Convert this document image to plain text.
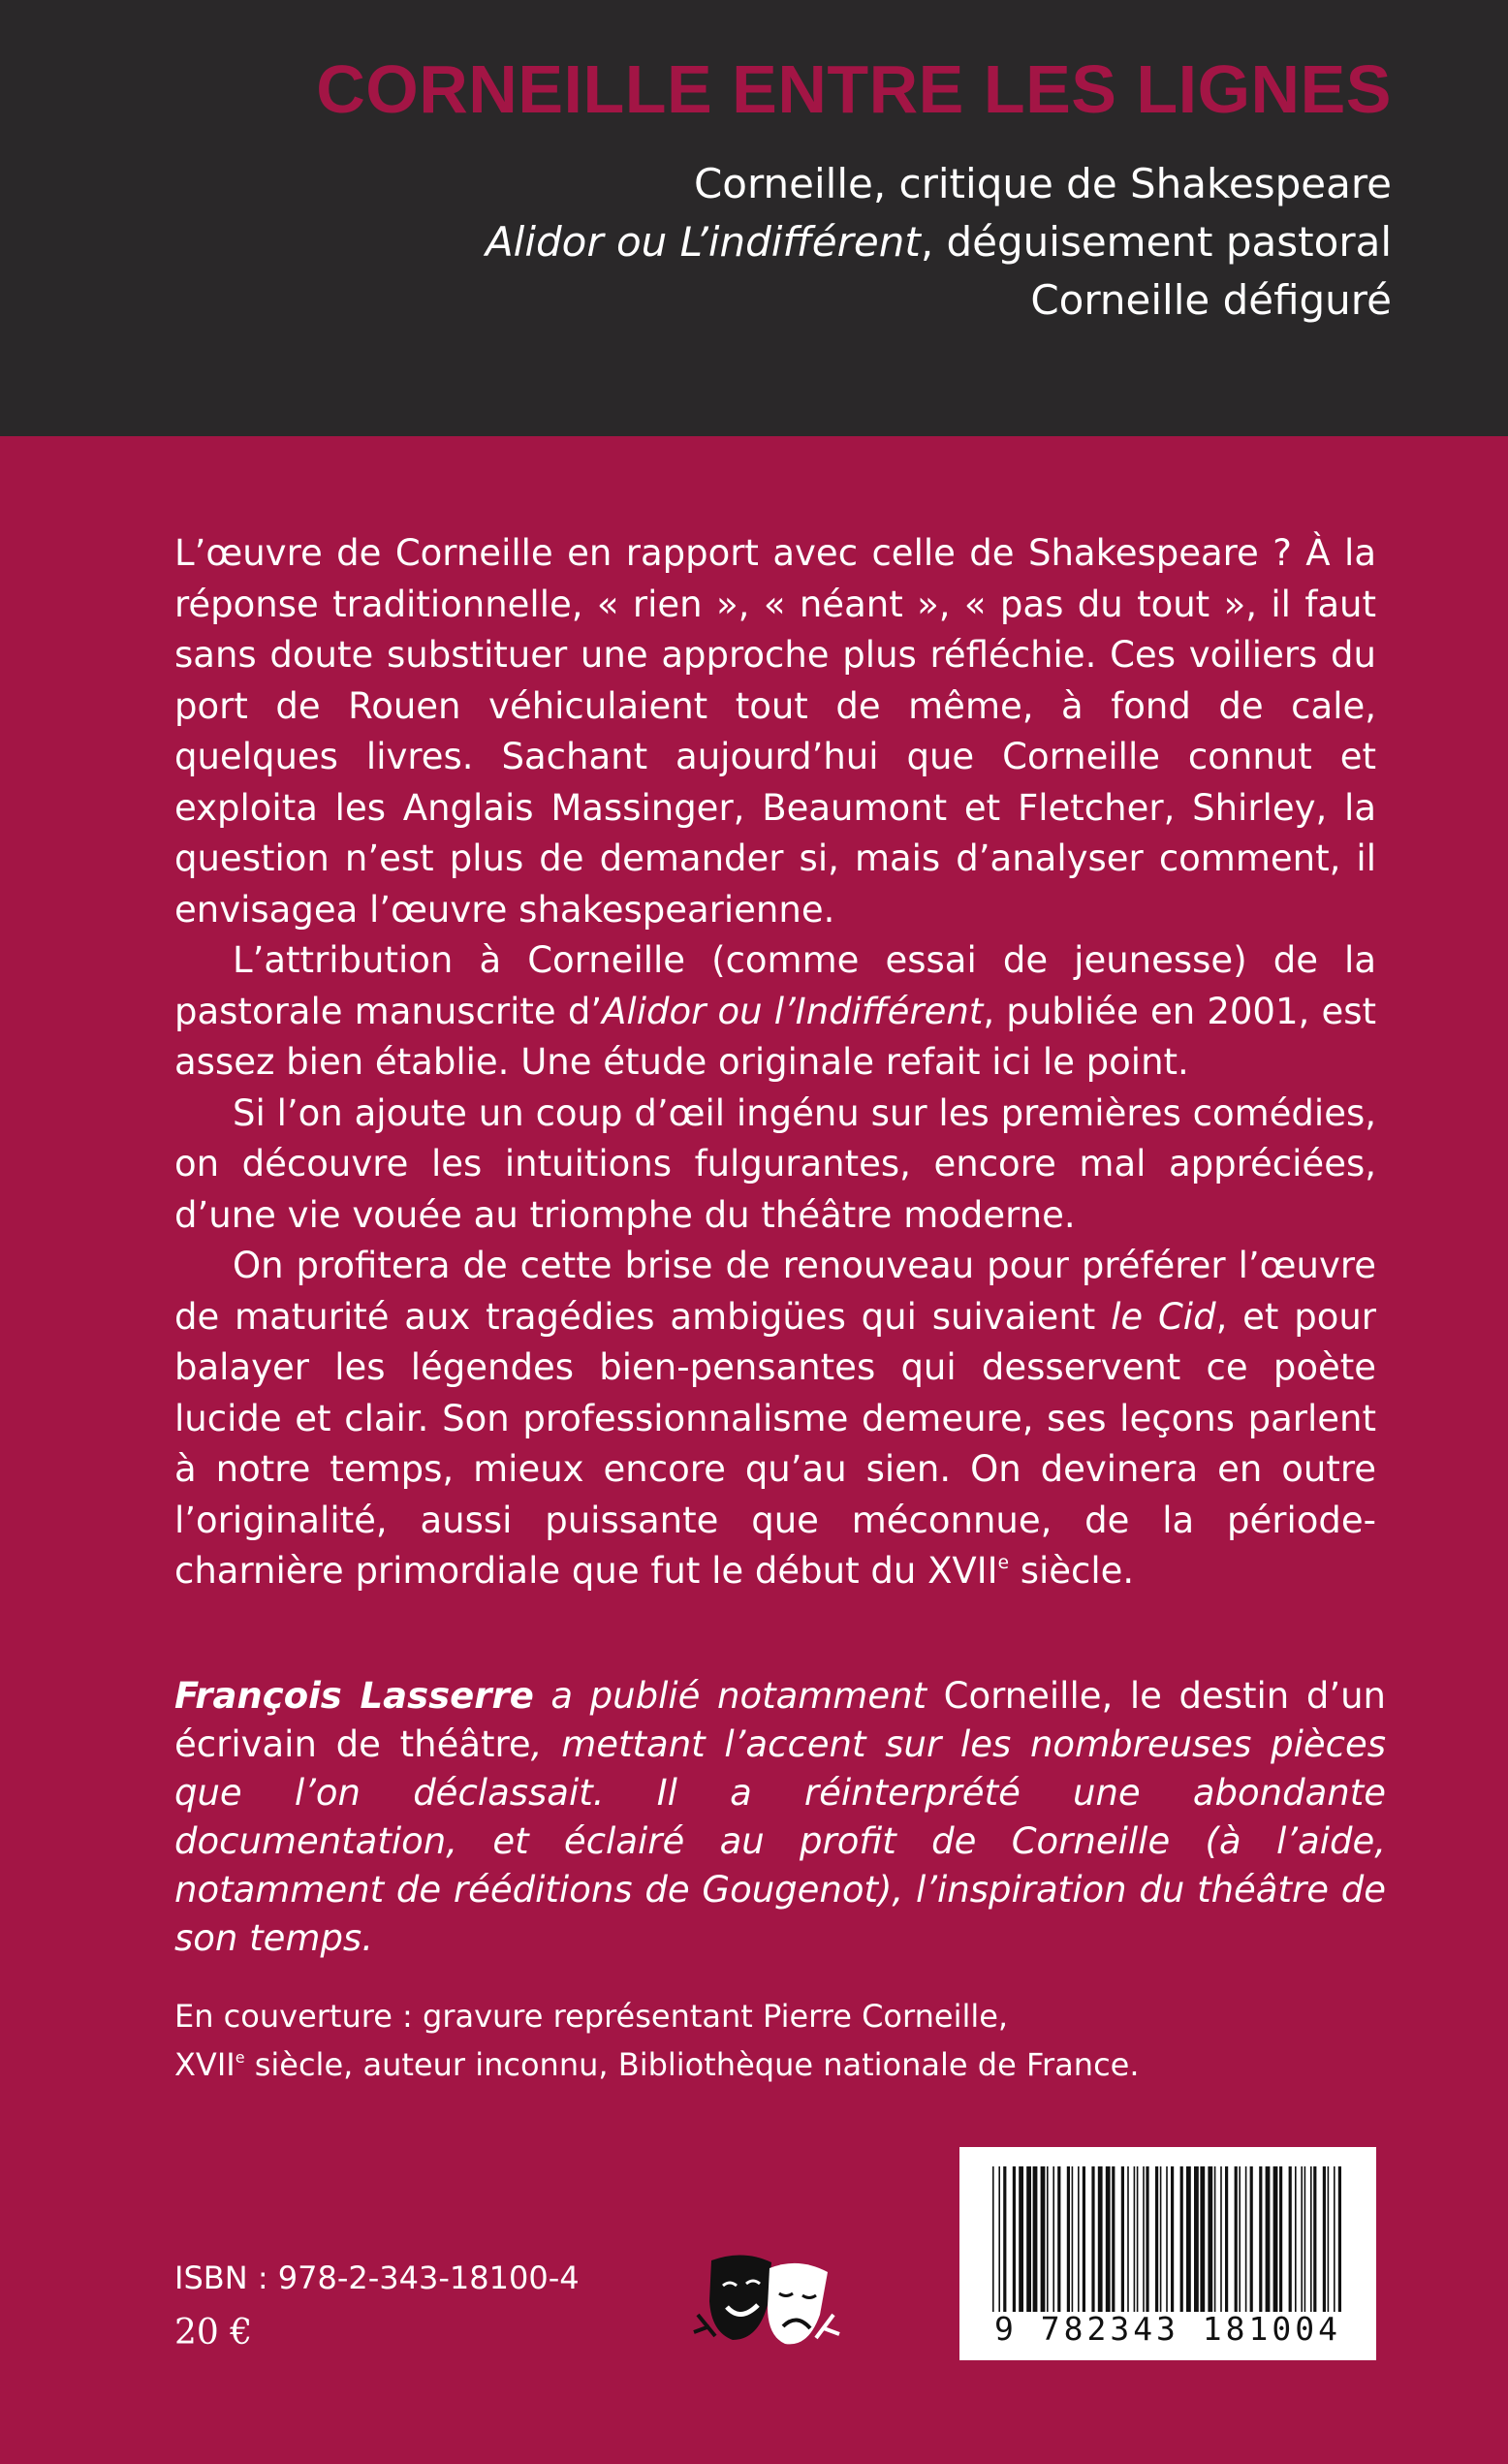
CORNEILLE ENTRE LES LIGNES
Corneille, critique de Shakespeare
Alidor ou L’indifférent, déguisement pastoral
Corneille défiguré

L’œuvre de Corneille en rapport avec celle de Shakespeare ? À la réponse traditionnelle, « rien », « néant », « pas du tout », il faut sans doute substituer une approche plus réfléchie. Ces voiliers du port de Rouen véhiculaient tout de même, à fond de cale, quelques livres. Sachant aujourd’hui que Corneille connut et exploita les Anglais Massinger, Beaumont et Fletcher, Shirley, la question n’est plus de demander si, mais d’analyser comment, il envisagea l’œuvre shakespearienne.

L’attribution à Corneille (comme essai de jeunesse) de la pastorale manuscrite d’Alidor ou l’Indifférent, publiée en 2001, est assez bien établie. Une étude originale refait ici le point.

Si l’on ajoute un coup d’œil ingénu sur les premières comédies, on découvre les intuitions fulgurantes, encore mal appréciées, d’une vie vouée au triomphe du théâtre moderne.

On profitera de cette brise de renouveau pour préférer l’œuvre de maturité aux tragédies ambigües qui suivaient le Cid, et pour balayer les légendes bien-pensantes qui desservent ce poète lucide et clair. Son professionnalisme demeure, ses leçons parlent à notre temps, mieux encore qu’au sien. On devinera en outre l’originalité, aussi puissante que méconnue, de la période-charnière primordiale que fut le début du XVIIe siècle.

François Lasserre a publié notamment Corneille, le destin d’un écrivain de théâtre, mettant l’accent sur les nombreuses pièces que l’on déclassait. Il a réinterprété une abondante documentation, et éclairé au profit de Corneille (à l’aide, notamment de rééditions de Gougenot), l’inspiration du théâtre de son temps.

En couverture : gravure représentant Pierre Corneille,
XVIIe siècle, auteur inconnu, Bibliothèque nationale de France.

ISBN : 978-2-343-18100-4
20 €	9 782343 181004
